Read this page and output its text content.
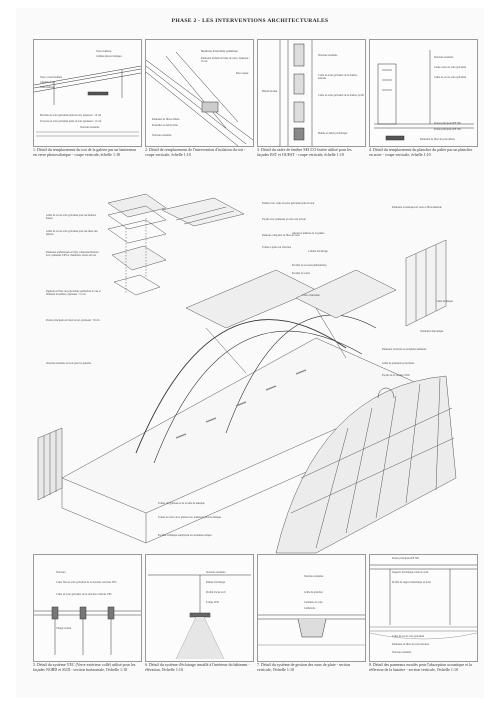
PHASE 2 - LES INTERVENTIONS ARCHITECTURALES
Verre extérieur
Cellules photovoltaïques
Verre coloré feuilleté
Chambre à air
Verre intérieur
Montant en acier galvanisé peint en noir, épaisseur : 10 cm
Traverse en acier galvanisé peint en noir, épaisseur : 10 cm
Structure existante
1. Détail du remplacement du toit de la galerie par un lanterneau en verre photovoltaïque - coupe verticale, échelle 1:10
Membrane d'étanchéité synthétique
Panneaux isolants en laine de verre, épaisseur : 16 cm
Pare-vapeur
Panneaux de fibres ciment
Poutrelles en béton armé
Structure existante
2. Détail de remplacement de l'intervention d'isolation du toit - coupe verticale, échelle 1:10
Structure existante
Cadre en acier galvanisé de la fenêtre, existant
Plâtoîd du mur
Cadre en acier galvanisé de la fenêtre, profil
Plinthe en béton préfabriqué
3. Détail du cadre de fenêtre SECCO lisière utilisé pour les façades EST et OUEST - coupe verticale, échelle 1:10
Structure existante
Garde-corps en acier galvanisé
Grille de sol en acier galvanisé
Poutre principale IPE 300
Poutre principale IPE 300
Panneaux de fibre de polycarbure
4. Détail du remplacement du plancher du palier par un plancher en acier - coupe verticale, échelle 1:10
Grille de sol en acier galvanisé pour les fenêtres hautes
Grille de sol en acier galvanisé pour les allées des piétons
Panneaux préfabriqués en fibre composite Delanco avec panneaux UPS et chanfreins, isolés en bois
Panneau en fibre de polycarbure permettant la vue et diffusant la lumière, épaisseur : 12 cm
Poutre principale en béton de sol, épaisseur : 50 cm
Structure existante en bois pour les galeries
Fenêtre avec cadre en acier galvanisé peint en noir
Façade avec panneaux en verre sur la baie
Panneau composite en fibre de verre
Toiture à pente sur structure
Escalier de secours (démontable)
Cantine d'éclairage
Auvent et fenêtres de la galerie
Escalier de sortie
Caves d'entretien
Panneaux acoustiques en verre et fibre minérale
Canal technique
Ventilation mécanique
Panneaux verticaux en polymère lumineux
Grille de panneaux polyvalents
Façade de la verrière SUD
Toiture du gymnase et de la salle de musique
Toiture en verre de la galerie avec panneaux photovoltaïques
Escalier technique remplaçant les anciennes rampes
Structure
Cadre fixe en acier galvanisé de la structure verticale VEC
Cadre en acier galvanisé de la structure verticale VEC
Vitrage isolant
5. Détail du système VEC (Verre extérieur collé) utilisé pour les façades NORD et SUD - section horizontale, l'échelle 1:10
Structure existante
Rideau d'éclairage
Profilé d'acier en U
Lampe LED
6. Détail du système d'éclairage installé à l'intérieur du bâtiment - élévation, l'échelle 1:10
Structure existante
Grille de plancher
Gouttière en acier
Caillebotis
7. Détail du système de gestion des eaux de pluie - section verticale, l'échelle 1:10
Poutre principale IPE 300
Supports d'éclairage rotule en acier
Profilé de support métallique en acier
Grille de sol en acier galvanisé
Panneaux en fibre de polycarbonate
Structure existante
8. Détail des panneaux moulés pour l'absorption acoustique et la réflexion de la lumière - section verticale, l'échelle 1:10
